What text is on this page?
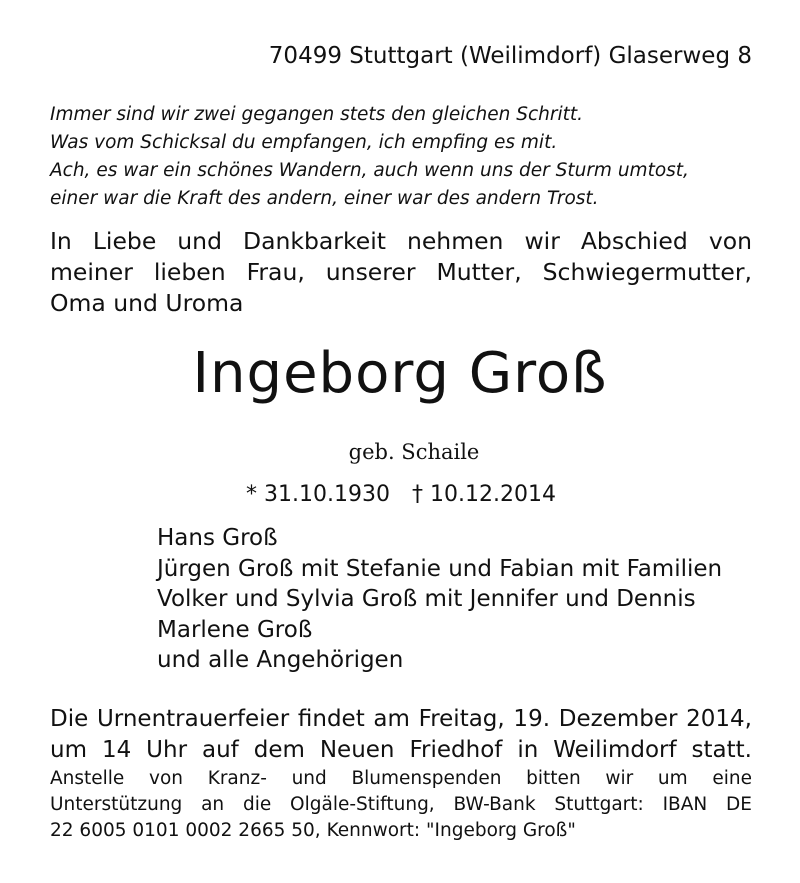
70499 Stuttgart (Weilimdorf) Glaserweg 8
Immer sind wir zwei gegangen stets den gleichen Schritt.
Was vom Schicksal du empfangen, ich empfing es mit.
Ach, es war ein schönes Wandern, auch wenn uns der Sturm umtost,
einer war die Kraft des andern, einer war des andern Trost.
In Liebe und Dankbarkeit nehmen wir Abschied von
meiner lieben Frau, unserer Mutter, Schwiegermutter,
Oma und Uroma
Ingeborg Groß
geb. Schaile
* 31.10.1930 † 10.12.2014
Hans Groß
Jürgen Groß mit Stefanie und Fabian mit Familien
Volker und Sylvia Groß mit Jennifer und Dennis
Marlene Groß
und alle Angehörigen
Die Urnentrauerfeier findet am Freitag, 19. Dezember 2014,
um 14 Uhr auf dem Neuen Friedhof in Weilimdorf statt.
Anstelle von Kranz- und Blumenspenden bitten wir um eine
Unterstützung an die Olgäle-Stiftung, BW-Bank Stuttgart: IBAN DE
22 6005 0101 0002 2665 50, Kennwort: "Ingeborg Groß"
